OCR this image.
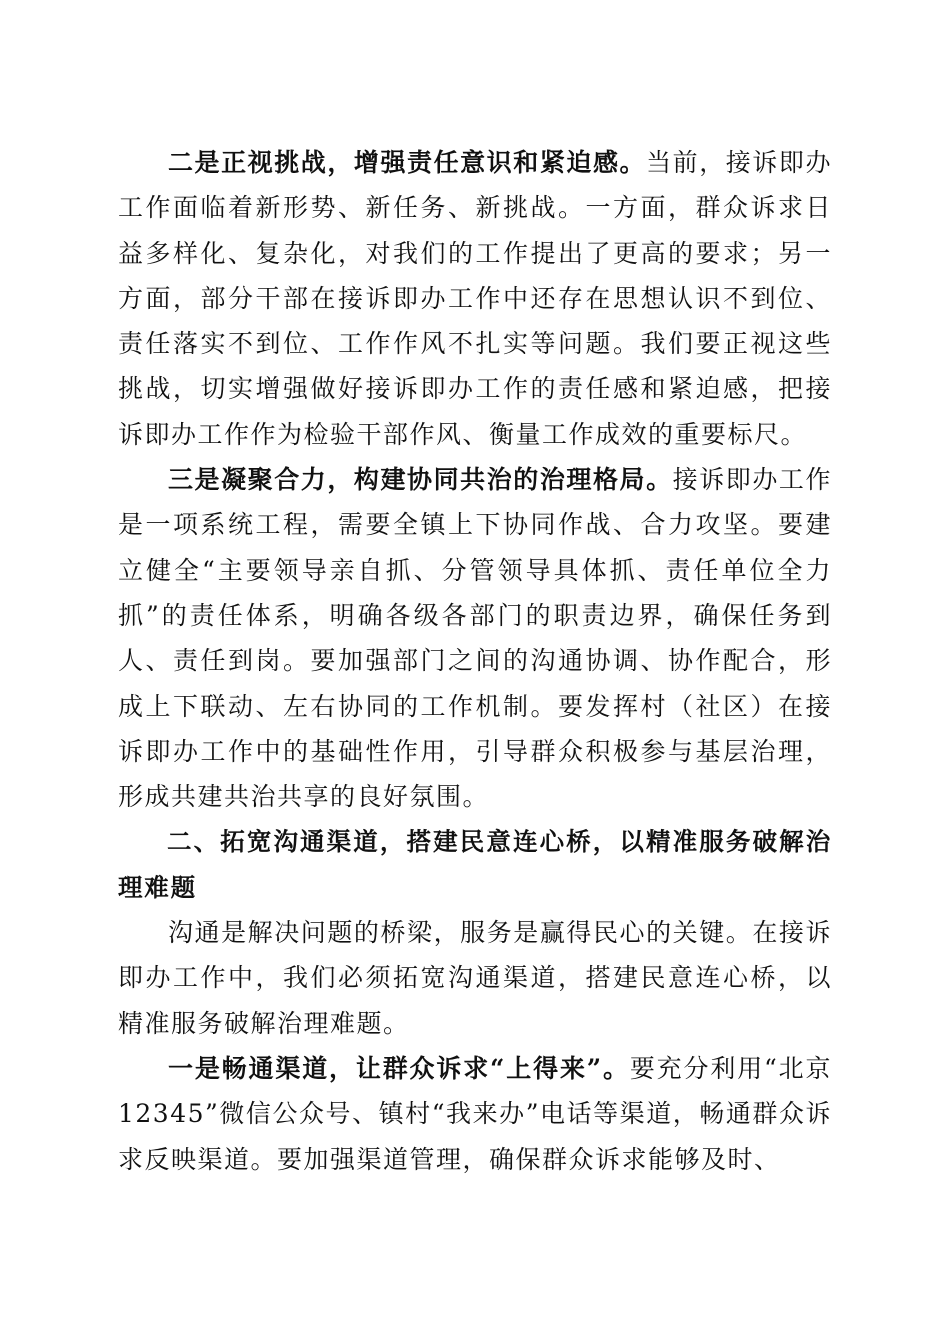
二是正视挑战，增强责任意识和紧迫感。当前，接诉即办工作面临着新形势、新任务、新挑战。一方面，群众诉求日益多样化、复杂化，对我们的工作提出了更高的要求；另一方面，部分干部在接诉即办工作中还存在思想认识不到位、责任落实不到位、工作作风不扎实等问题。我们要正视这些挑战，切实增强做好接诉即办工作的责任感和紧迫感，把接诉即办工作作为检验干部作风、衡量工作成效的重要标尺。

三是凝聚合力，构建协同共治的治理格局。接诉即办工作是一项系统工程，需要全镇上下协同作战、合力攻坚。要建立健全“主要领导亲自抓、分管领导具体抓、责任单位全力抓”的责任体系，明确各级各部门的职责边界，确保任务到人、责任到岗。要加强部门之间的沟通协调、协作配合，形成上下联动、左右协同的工作机制。要发挥村（社区）在接诉即办工作中的基础性作用，引导群众积极参与基层治理，形成共建共治共享的良好氛围。

二、拓宽沟通渠道，搭建民意连心桥，以精准服务破解治理难题

沟通是解决问题的桥梁，服务是赢得民心的关键。在接诉即办工作中，我们必须拓宽沟通渠道，搭建民意连心桥，以精准服务破解治理难题。

一是畅通渠道，让群众诉求“上得来”。要充分利用“北京12345”微信公众号、镇村“我来办”电话等渠道，畅通群众诉求反映渠道。要加强渠道管理，确保群众诉求能够及时、
